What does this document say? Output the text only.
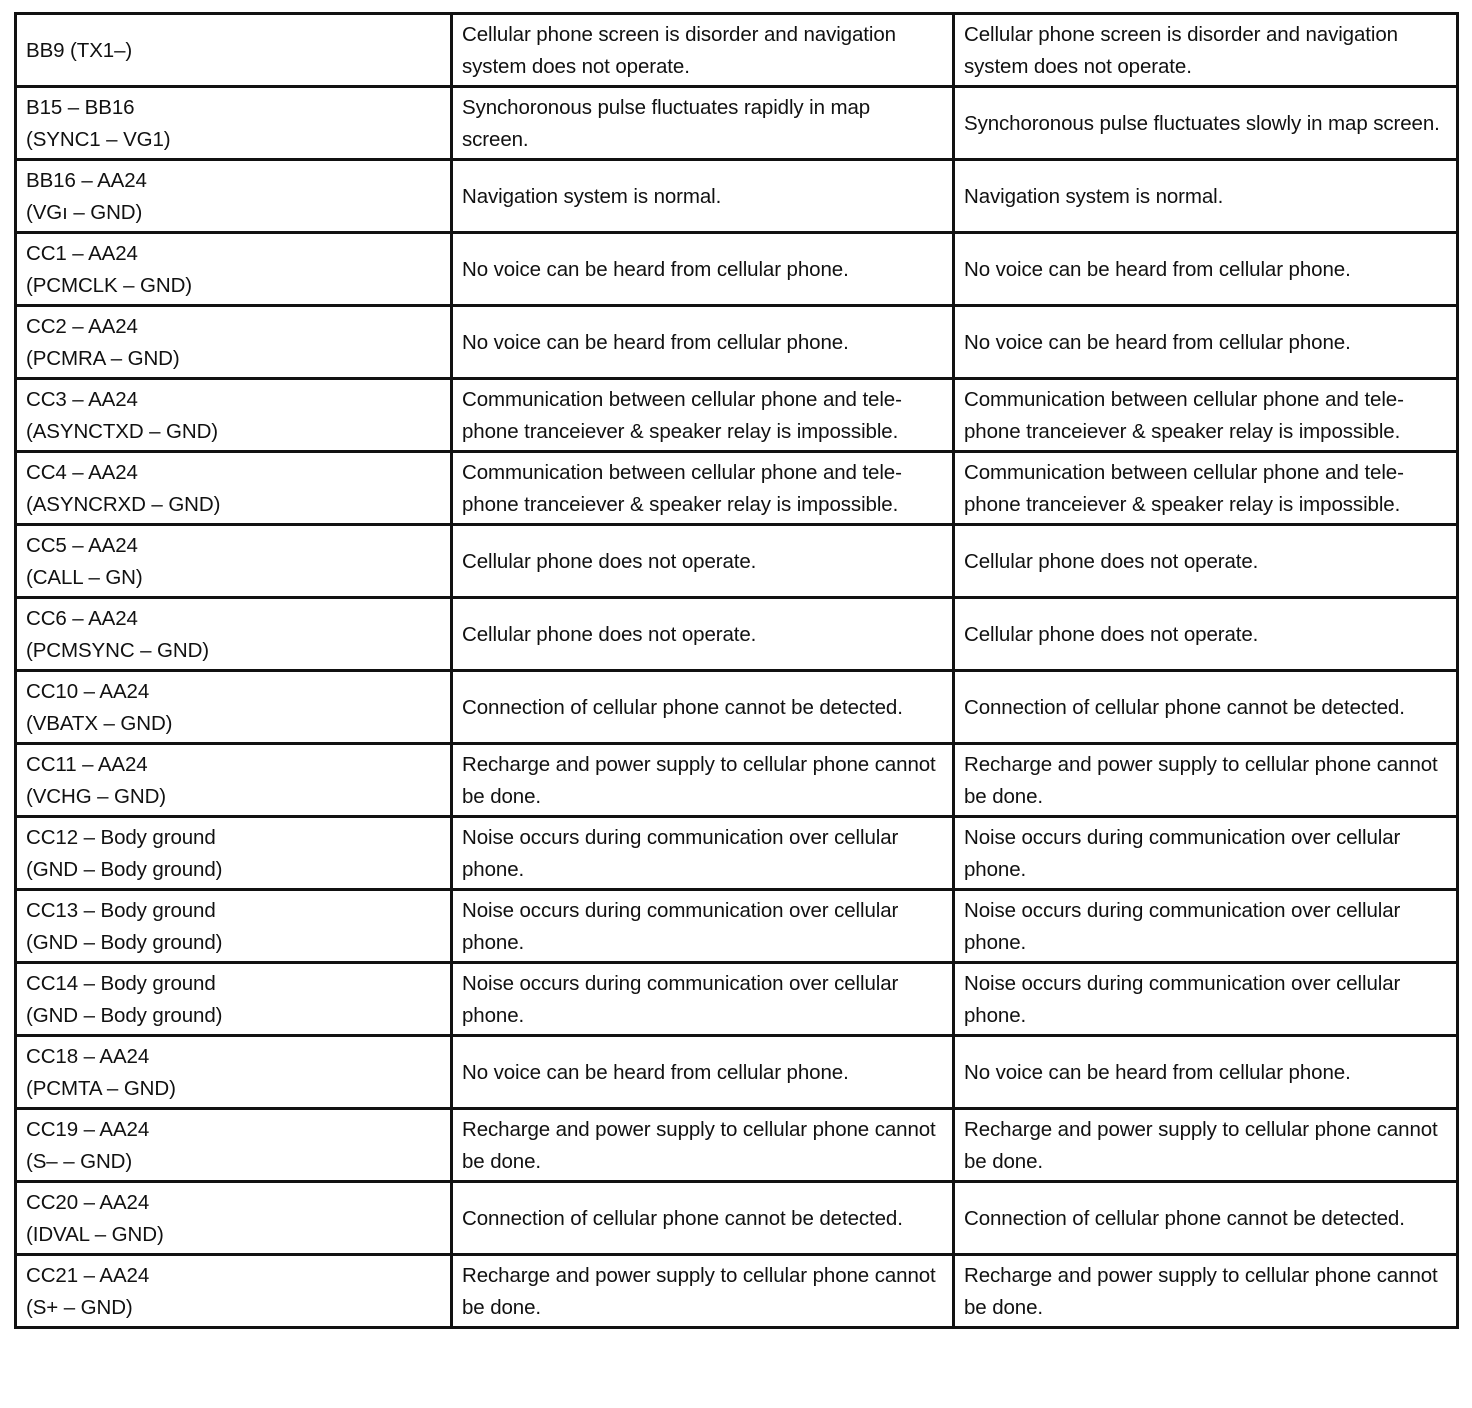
BB9 (TX1–)	Cellular phone screen is disorder and navigation system does not operate.	Cellular phone screen is disorder and navigation system does not operate.

B15 – BB16
(SYNC1 – VG1)	Synchoronous pulse fluctuates rapidly in map screen.	Synchoronous pulse fluctuates slowly in map screen.

BB16 – AA24
(VGı – GND)	Navigation system is normal.	Navigation system is normal.

CC1 – AA24
(PCMCLK – GND)	No voice can be heard from cellular phone.	No voice can be heard from cellular phone.

CC2 – AA24
(PCMRA – GND)	No voice can be heard from cellular phone.	No voice can be heard from cellular phone.

CC3 – AA24
(ASYNCTXD – GND)	Communication between cellular phone and tele-phone tranceiever & speaker relay is impossible.	Communication between cellular phone and tele-phone tranceiever & speaker relay is impossible.

CC4 – AA24
(ASYNCRXD – GND)	Communication between cellular phone and tele-phone tranceiever & speaker relay is impossible.	Communication between cellular phone and tele-phone tranceiever & speaker relay is impossible.

CC5 – AA24
(CALL – GN)	Cellular phone does not operate.	Cellular phone does not operate.

CC6 – AA24
(PCMSYNC – GND)	Cellular phone does not operate.	Cellular phone does not operate.

CC10 – AA24
(VBATX – GND)	Connection of cellular phone cannot be detected.	Connection of cellular phone cannot be detected.

CC11 – AA24
(VCHG – GND)	Recharge and power supply to cellular phone cannot be done.	Recharge and power supply to cellular phone cannot be done.

CC12 – Body ground
(GND – Body ground)	Noise occurs during communication over cellular phone.	Noise occurs during communication over cellular phone.

CC13 – Body ground
(GND – Body ground)	Noise occurs during communication over cellular phone.	Noise occurs during communication over cellular phone.

CC14 – Body ground
(GND – Body ground)	Noise occurs during communication over cellular phone.	Noise occurs during communication over cellular phone.

CC18 – AA24
(PCMTA – GND)	No voice can be heard from cellular phone.	No voice can be heard from cellular phone.

CC19 – AA24
(S– – GND)	Recharge and power supply to cellular phone cannot be done.	Recharge and power supply to cellular phone cannot be done.

CC20 – AA24
(IDVAL – GND)	Connection of cellular phone cannot be detected.	Connection of cellular phone cannot be detected.

CC21 – AA24
(S+ – GND)	Recharge and power supply to cellular phone cannot be done.	Recharge and power supply to cellular phone cannot be done.
